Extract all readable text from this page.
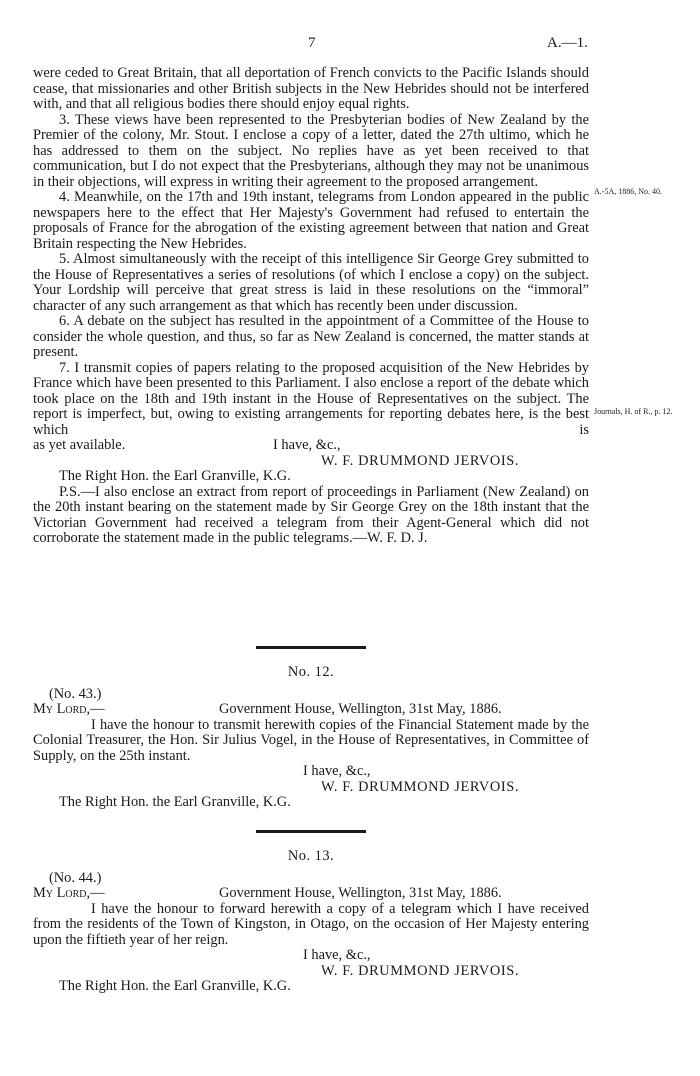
7	A.—1.

were ceded to Great Britain, that all deportation of French convicts to the Pacific Islands should cease, that missionaries and other British subjects in the New Hebrides should not be interfered with, and that all religious bodies there should enjoy equal rights.

3. These views have been represented to the Presbyterian bodies of New Zealand by the Premier of the colony, Mr. Stout. I enclose a copy of a letter, dated the 27th ultimo, which he has addressed to them on the subject. No replies have as yet been received to that communication, but I do not expect that the Presbyterians, although they may not be unanimous in their objections, will express in writing their agreement to the proposed arrangement.

4. Meanwhile, on the 17th and 19th instant, telegrams from London appeared in the public newspapers here to the effect that Her Majesty's Government had refused to entertain the proposals of France for the abrogation of the existing agreement between that nation and Great Britain respecting the New Hebrides.

5. Almost simultaneously with the receipt of this intelligence Sir George Grey submitted to the House of Representatives a series of resolutions (of which I enclose a copy) on the subject. Your Lordship will perceive that great stress is laid in these resolutions on the “immoral” character of any such arrangement as that which has recently been under discussion.

6. A debate on the subject has resulted in the appointment of a Committee of the House to consider the whole question, and thus, so far as New Zealand is concerned, the matter stands at present.

7. I transmit copies of papers relating to the proposed acquisition of the New Hebrides by France which have been presented to this Parliament. I also enclose a report of the debate which took place on the 18th and 19th instant in the House of Representatives on the subject. The report is imperfect, but, owing to existing arrangements for reporting debates here, is the best which is

as yet available.	I have, &c.,

W. F. DRUMMOND JERVOIS.

The Right Hon. the Earl Granville, K.G.

P.S.—I also enclose an extract from report of proceedings in Parliament (New Zealand) on the 20th instant bearing on the statement made by Sir George Grey on the 18th instant that the Victorian Government had received a telegram from their Agent-General which did not corroborate the statement made in the public telegrams.—W. F. D. J.

A.-5A, 1886, No. 40.
Journals, H. of R., p. 12.

No. 12.

(No. 43.)

My Lord,—	Government House, Wellington, 31st May, 1886.

I have the honour to transmit herewith copies of the Financial Statement made by the Colonial Treasurer, the Hon. Sir Julius Vogel, in the House of Representatives, in Committee of Supply, on the 25th instant.

I have, &c.,

W. F. DRUMMOND JERVOIS.

The Right Hon. the Earl Granville, K.G.

No. 13.

(No. 44.)

My Lord,—	Government House, Wellington, 31st May, 1886.

I have the honour to forward herewith a copy of a telegram which I have received from the residents of the Town of Kingston, in Otago, on the occasion of Her Majesty entering upon the fiftieth year of her reign.

I have, &c.,

W. F. DRUMMOND JERVOIS.

The Right Hon. the Earl Granville, K.G.
